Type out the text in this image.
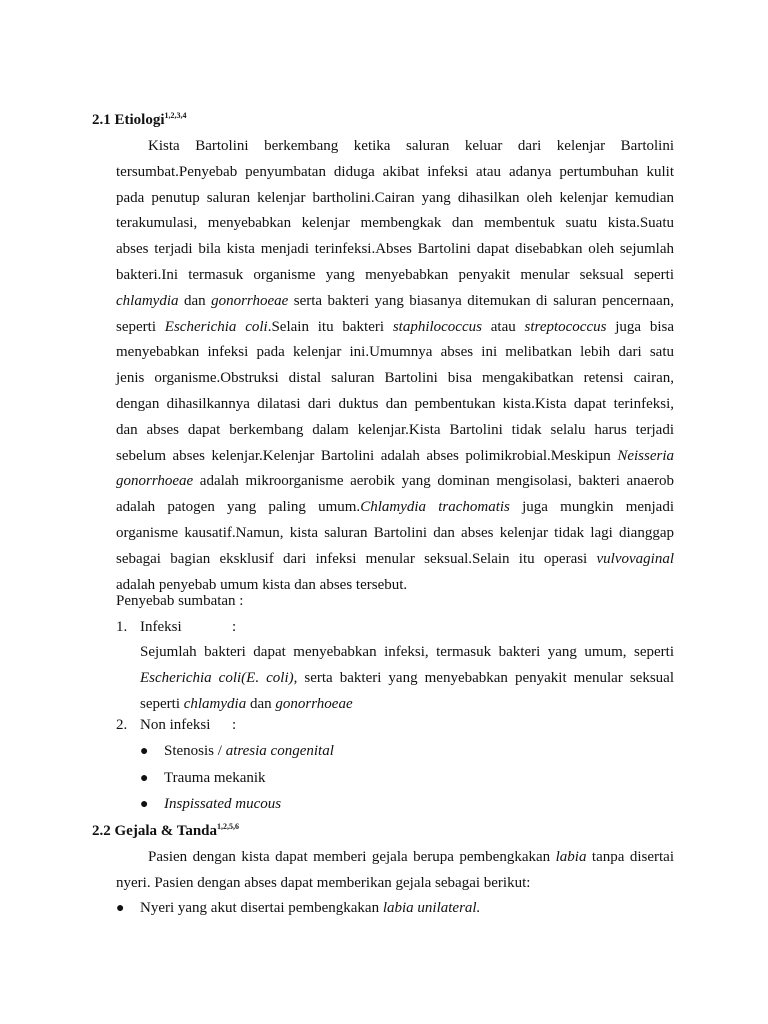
2.1 Etiologi$^{1,2,3,4}$
Kista Bartolini berkembang ketika saluran keluar dari kelenjar Bartolini
tersumbat.Penyebab penyumbatan diduga akibat infeksi atau adanya pertumbuhan kulit
pada penutup saluran kelenjar bartholini.Cairan yang dihasilkan oleh kelenjar kemudian
terakumulasi, menyebabkan kelenjar membengkak dan membentuk suatu kista.Suatu
abses terjadi bila kista menjadi terinfeksi.Abses Bartolini dapat disebabkan oleh sejumlah
bakteri.Ini termasuk organisme yang menyebabkan penyakit menular seksual seperti
chlamydia dan gonorrhoeae serta bakteri yang biasanya ditemukan di saluran pencernaan,
seperti Escherichia coli.Selain itu bakteri staphilococcus atau streptococcus juga bisa
menyebabkan infeksi pada kelenjar ini.Umumnya abses ini melibatkan lebih dari satu
jenis organisme.Obstruksi distal saluran Bartolini bisa mengakibatkan retensi cairan,
dengan dihasilkannya dilatasi dari duktus dan pembentukan kista.Kista dapat terinfeksi,
dan abses dapat berkembang dalam kelenjar.Kista Bartolini tidak selalu harus terjadi
sebelum abses kelenjar.Kelenjar Bartolini adalah abses polimikrobial.Meskipun Neisseria
gonorrhoeae adalah mikroorganisme aerobik yang dominan mengisolasi, bakteri anaerob
adalah patogen yang paling umum.Chlamydia trachomatis juga mungkin menjadi
organisme kausatif.Namun, kista saluran Bartolini dan abses kelenjar tidak lagi dianggap
sebagai bagian eksklusif dari infeksi menular seksual.Selain itu operasi vulvovaginal
adalah penyebab umum kista dan abses tersebut.
Penyebab sumbatan :
1. Infeksi	:
Sejumlah bakteri dapat menyebabkan infeksi, termasuk bakteri yang umum, seperti
Escherichia coli(E. coli), serta bakteri yang menyebabkan penyakit menular seksual
seperti chlamydia dan gonorrhoeae
2. Non infeksi :
● Stenosis / atresia congenital
● Trauma mekanik
● Inspissated mucous
2.2 Gejala & Tanda$^{1,2,5,6}$
Pasien dengan kista dapat memberi gejala berupa pembengkakan labia tanpa disertai
nyeri. Pasien dengan abses dapat memberikan gejala sebagai berikut:
● Nyeri yang akut disertai pembengkakan labia unilateral.
